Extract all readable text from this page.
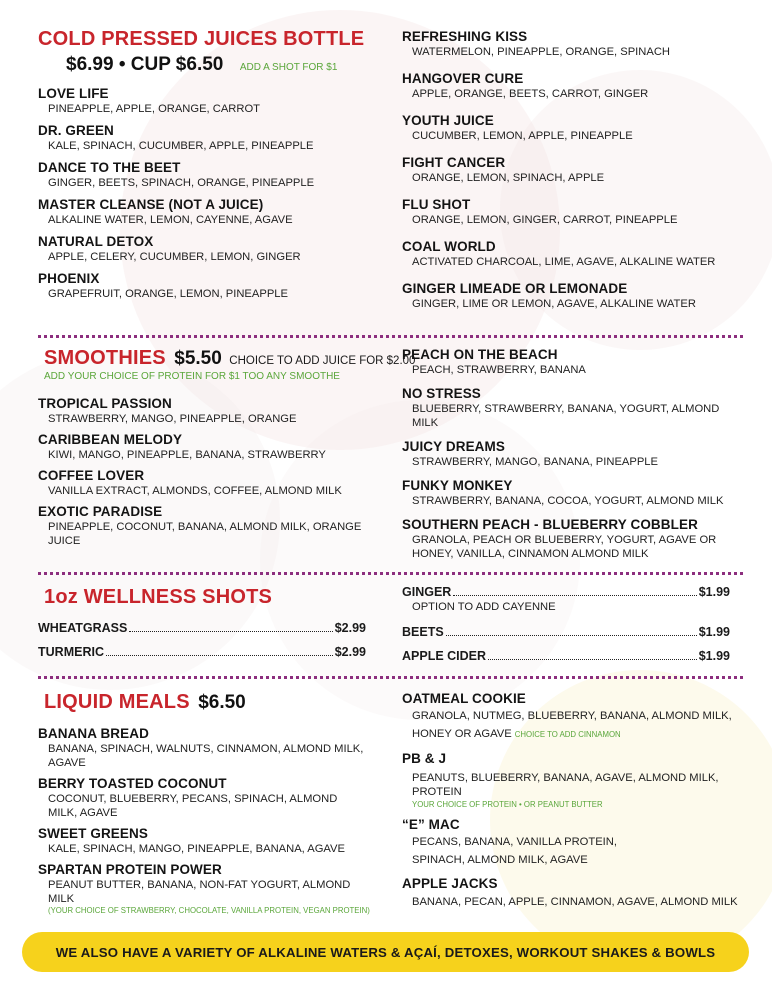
COLD PRESSED JUICES BOTTLE
$6.99 • CUP $6.50 ADD A SHOT FOR $1

LOVE LIFE

PINEAPPLE, APPLE, ORANGE, CARROT

DR. GREEN

KALE, SPINACH, CUCUMBER, APPLE, PINEAPPLE

DANCE TO THE BEET

GINGER, BEETS, SPINACH, ORANGE, PINEAPPLE

MASTER CLEANSE (NOT A JUICE)

ALKALINE WATER, LEMON, CAYENNE, AGAVE

NATURAL DETOX

APPLE, CELERY, CUCUMBER, LEMON, GINGER

PHOENIX

GRAPEFRUIT, ORANGE, LEMON, PINEAPPLE

REFRESHING KISS

WATERMELON, PINEAPPLE, ORANGE, SPINACH

HANGOVER CURE

APPLE, ORANGE, BEETS, CARROT, GINGER

YOUTH JUICE

CUCUMBER, LEMON, APPLE, PINEAPPLE

FIGHT CANCER

ORANGE, LEMON, SPINACH, APPLE

FLU SHOT

ORANGE, LEMON, GINGER, CARROT, PINEAPPLE

COAL WORLD

ACTIVATED CHARCOAL, LIME, AGAVE, ALKALINE WATER

GINGER LIMEADE OR LEMONADE

GINGER, LIME OR LEMON, AGAVE, ALKALINE WATER

SMOOTHIES $5.50 CHOICE TO ADD JUICE FOR $2.00
ADD YOUR CHOICE OF PROTEIN FOR $1 TOO ANY SMOOTHE

TROPICAL PASSION

STRAWBERRY, MANGO, PINEAPPLE, ORANGE

CARIBBEAN MELODY

KIWI, MANGO, PINEAPPLE, BANANA, STRAWBERRY

COFFEE LOVER

VANILLA EXTRACT, ALMONDS, COFFEE, ALMOND MILK

EXOTIC PARADISE

PINEAPPLE, COCONUT, BANANA, ALMOND MILK, ORANGE JUICE

PEACH ON THE BEACH

PEACH, STRAWBERRY, BANANA

NO STRESS

BLUEBERRY, STRAWBERRY, BANANA, YOGURT, ALMOND MILK

JUICY DREAMS

STRAWBERRY, MANGO, BANANA, PINEAPPLE

FUNKY MONKEY

STRAWBERRY, BANANA, COCOA, YOGURT, ALMOND MILK

SOUTHERN PEACH - BLUEBERRY COBBLER

GRANOLA, PEACH OR BLUEBERRY, YOGURT, AGAVE OR HONEY, VANILLA, CINNAMON ALMOND MILK

1oz WELLNESS SHOTS
WHEATGRASS	$2.99
TURMERIC	$2.99
GINGER	$1.99

OPTION TO ADD CAYENNE

BEETS	$1.99
APPLE CIDER	$1.99
LIQUID MEALS $6.50

BANANA BREAD

BANANA, SPINACH, WALNUTS, CINNAMON, ALMOND MILK, AGAVE

BERRY TOASTED COCONUT

COCONUT, BLUEBERRY, PECANS, SPINACH, ALMOND MILK, AGAVE

SWEET GREENS

KALE, SPINACH, MANGO, PINEAPPLE, BANANA, AGAVE

SPARTAN PROTEIN POWER

PEANUT BUTTER, BANANA, NON-FAT YOGURT, ALMOND MILK

(YOUR CHOICE OF STRAWBERRY, CHOCOLATE, VANILLA PROTEIN, VEGAN PROTEIN)

OATMEAL COOKIE

GRANOLA, NUTMEG, BLUEBERRY, BANANA, ALMOND MILK, HONEY OR AGAVE CHOICE TO ADD CINNAMON

PB & J

PEANUTS, BLUEBERRY, BANANA, AGAVE, ALMOND MILK, PROTEIN

YOUR CHOICE OF PROTEIN • OR PEANUT BUTTER

“E” MAC

PECANS, BANANA, VANILLA PROTEIN, SPINACH, ALMOND MILK, AGAVE

APPLE JACKS

BANANA, PECAN, APPLE, CINNAMON, AGAVE, ALMOND MILK

WE ALSO HAVE A VARIETY OF ALKALINE WATERS & AÇAÍ, DETOXES, WORKOUT SHAKES & BOWLS
